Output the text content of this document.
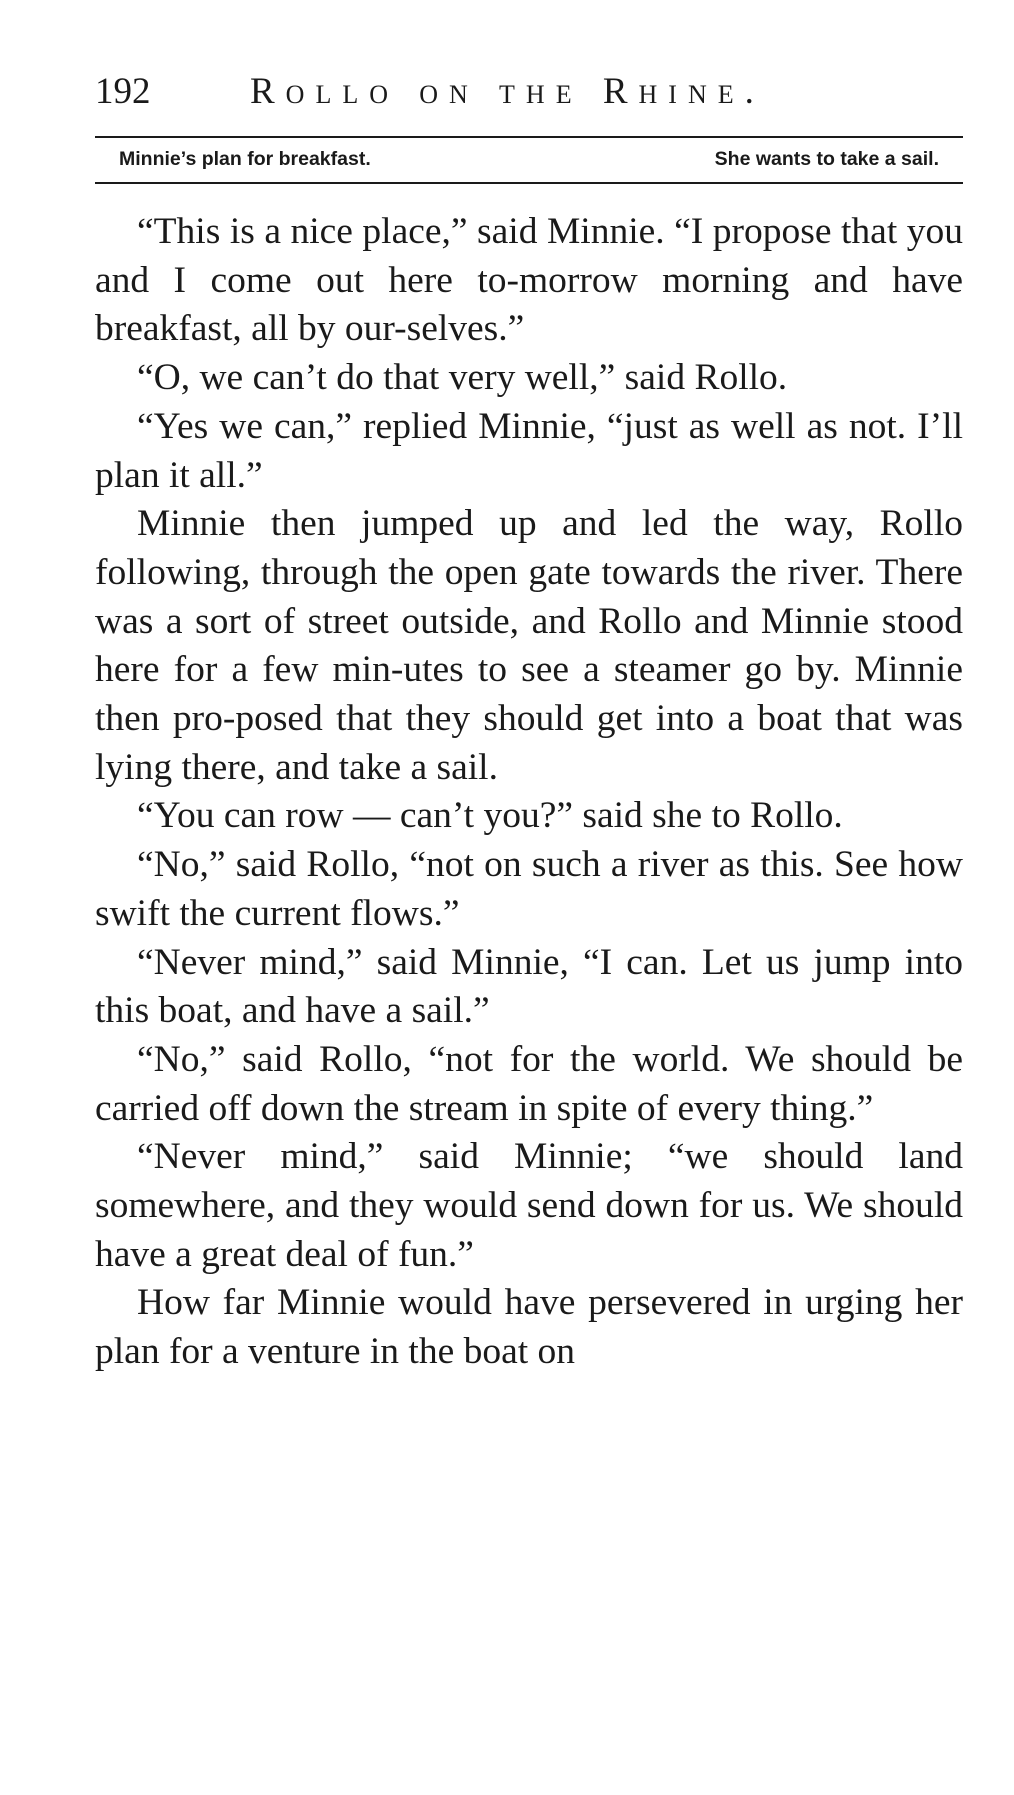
192	Rollo on the Rhine.
Minnie’s plan for breakfast.	She wants to take a sail.

“This is a nice place,” said Minnie. “I propose that you and I come out here to-morrow morning and have breakfast, all by our-selves.”

“O, we can’t do that very well,” said Rollo.

“Yes we can,” replied Minnie, “just as well as not. I’ll plan it all.”

Minnie then jumped up and led the way, Rollo following, through the open gate towards the river. There was a sort of street outside, and Rollo and Minnie stood here for a few min-utes to see a steamer go by. Minnie then pro-posed that they should get into a boat that was lying there, and take a sail.

“You can row — can’t you?” said she to Rollo.

“No,” said Rollo, “not on such a river as this. See how swift the current flows.”

“Never mind,” said Minnie, “I can. Let us jump into this boat, and have a sail.”

“No,” said Rollo, “not for the world. We should be carried off down the stream in spite of every thing.”

“Never mind,” said Minnie; “we should land somewhere, and they would send down for us. We should have a great deal of fun.”

How far Minnie would have persevered in urging her plan for a venture in the boat on
